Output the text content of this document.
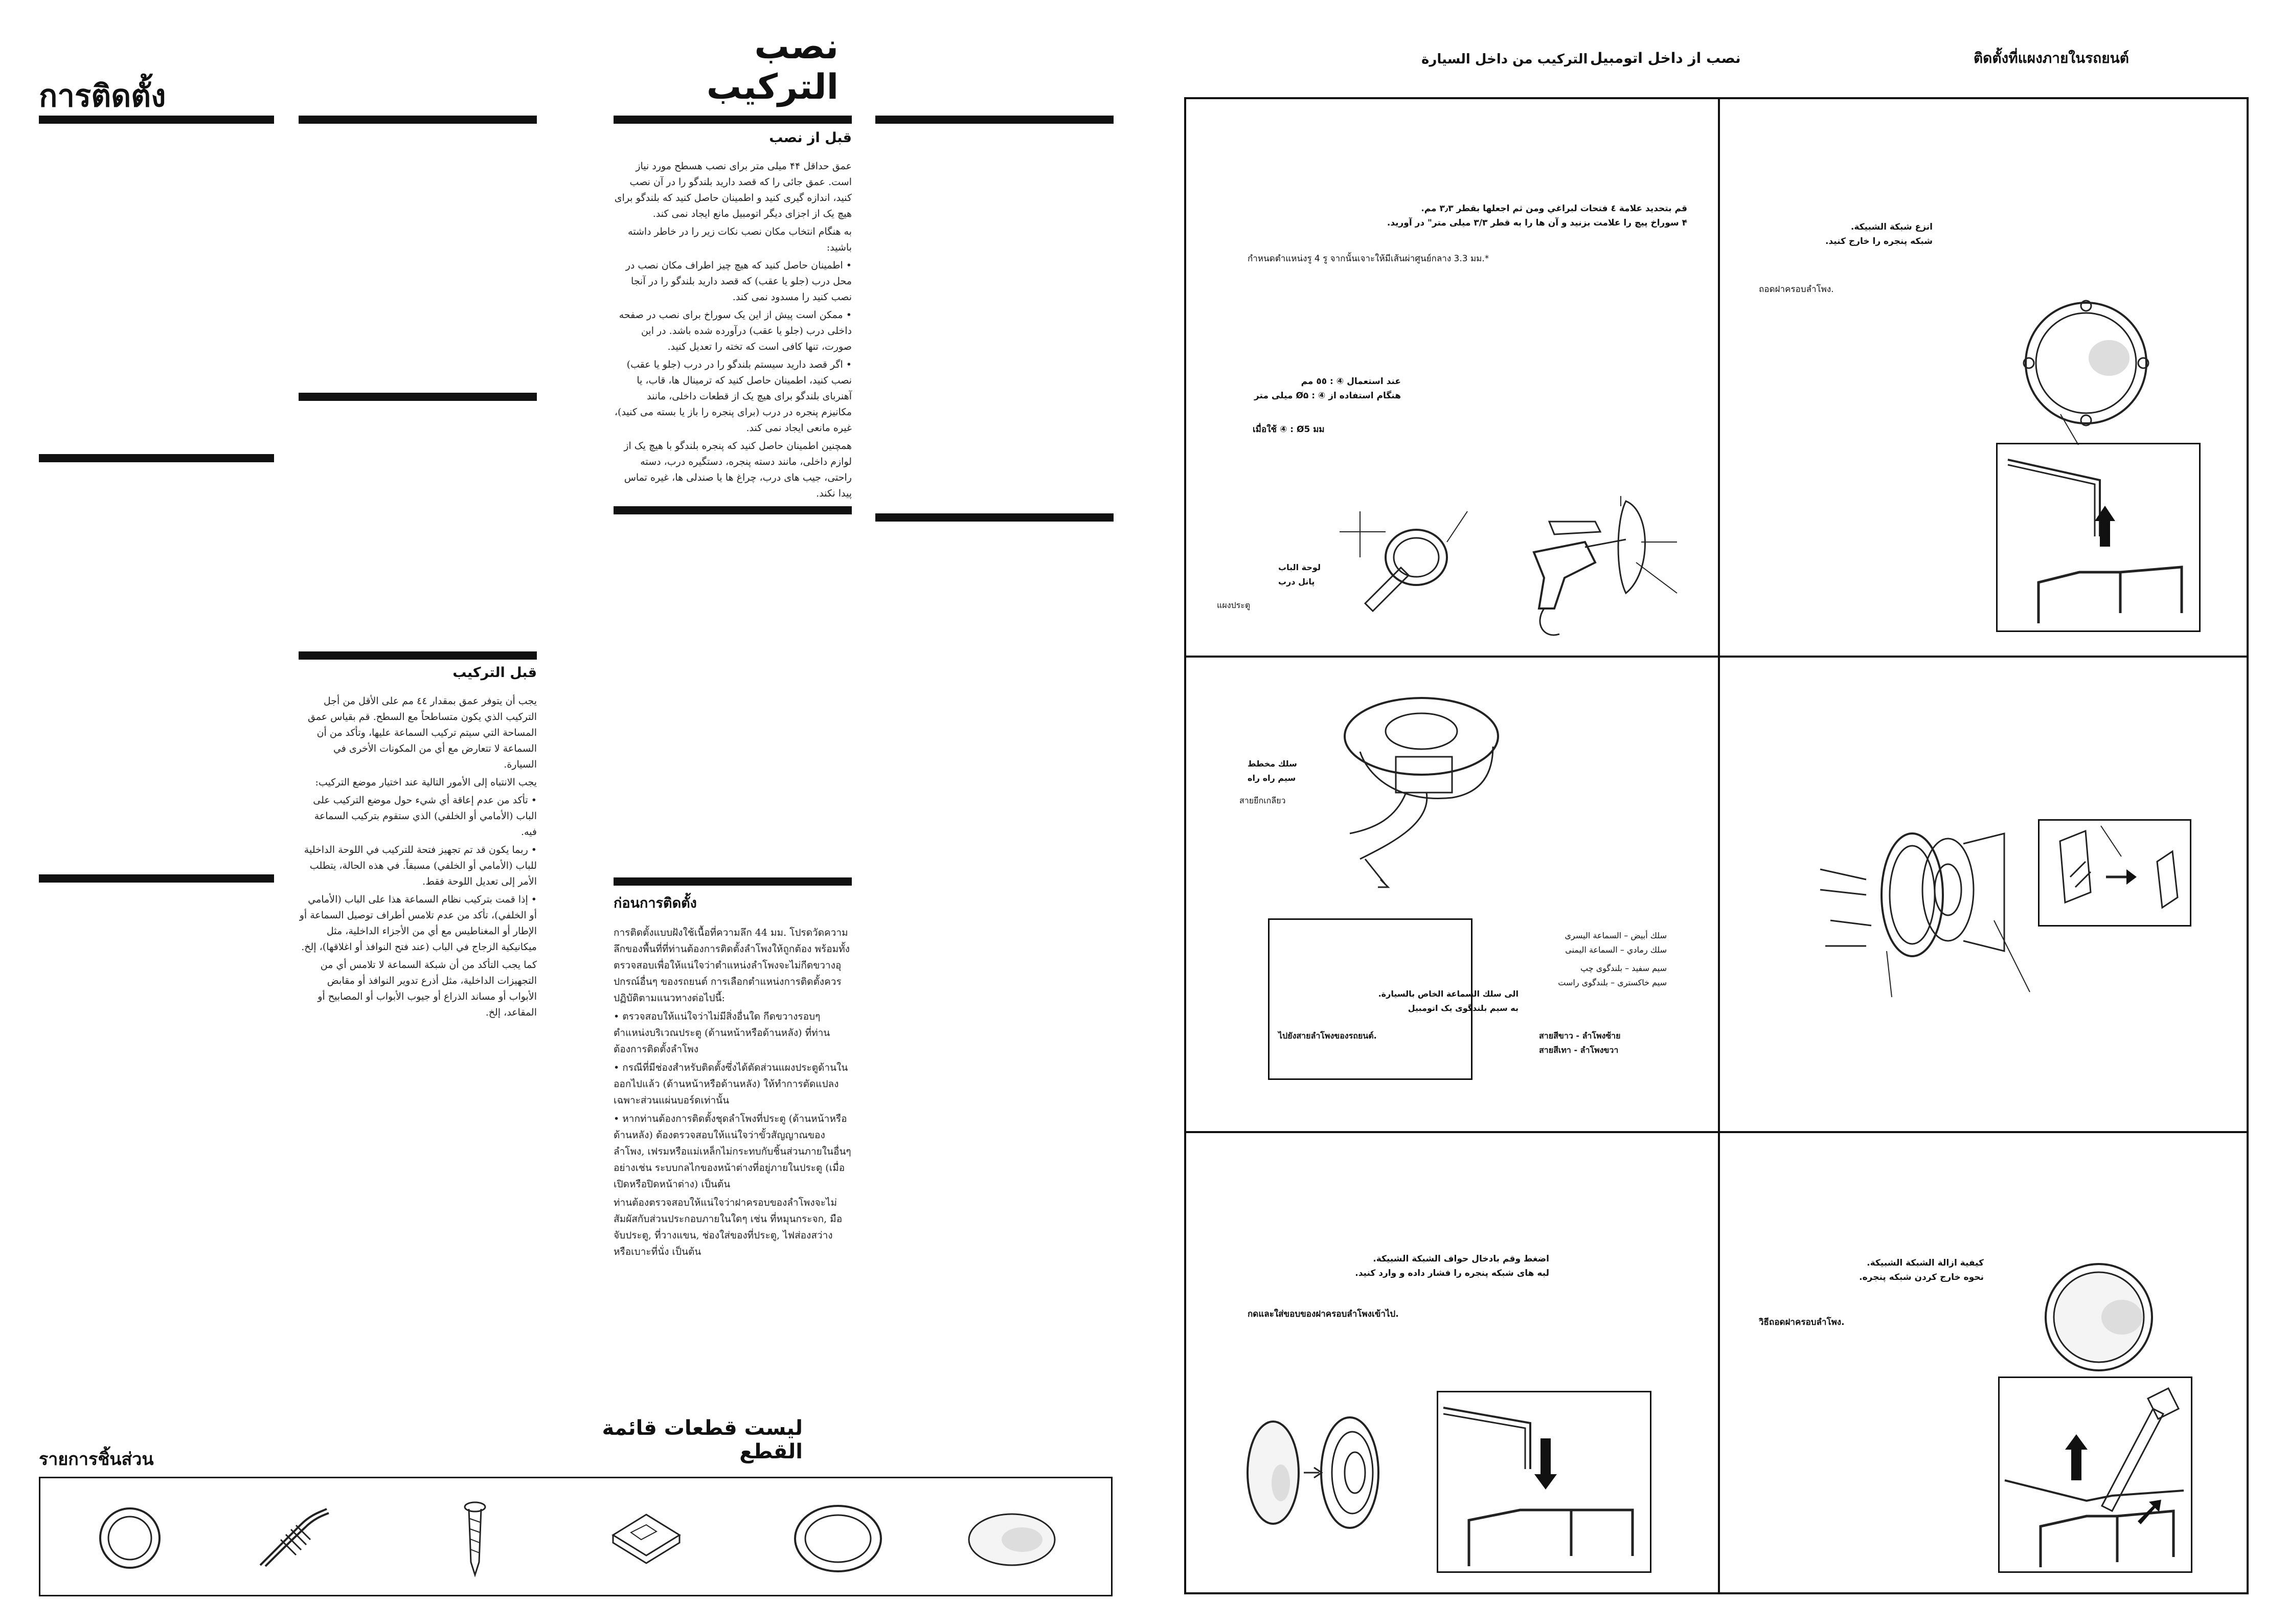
การติดตั้ง
نصب التركيب
قبل از نصب

عمق حداقل ۴۴ میلی متر برای نصب هسطح مورد نیاز است. عمق جائی را که قصد دارید بلندگو را در آن نصب کنید، اندازه گیری کنید و اطمینان حاصل کنید که بلندگو برای هیچ یک از اجزای دیگر اتومبیل مانع ایجاد نمی کند.

به هنگام انتخاب مکان نصب نکات زیر را در خاطر داشته باشید:

• اطمینان حاصل کنید که هیچ چیز اطراف مکان نصب در محل درب (جلو یا عقب) که قصد دارید بلندگو را در آنجا نصب کنید را مسدود نمی کند.

• ممکن است پیش از این یک سوراخ برای نصب در صفحه داخلی درب (جلو یا عقب) درآورده شده باشد. در این صورت، تنها کافی است که تخته را تعدیل کنید.

• اگر قصد دارید سیستم بلندگو را در درب (جلو یا عقب) نصب کنید، اطمینان حاصل کنید که ترمینال ها، قاب، یا آهنربای بلندگو برای هیچ یک از قطعات داخلی، مانند مکانیزم پنجره در درب (برای پنجره را باز یا بسته می کنید)، غیره مانعی ایجاد نمی کند.

همچنین اطمینان حاصل کنید که پنجره بلندگو با هیچ یک از لوازم داخلی، مانند دسته پنجره، دستگیره درب، دسته راحتی، جیب های درب، چراغ ها یا صندلی ها، غیره تماس پیدا نکند.

قبل التركيب

يجب أن يتوفر عمق بمقدار ٤٤ مم على الأقل من أجل التركيب الذي يكون متساطحاً مع السطح. قم بقياس عمق المساحة التي سيتم تركيب السماعة عليها، وتأكد من أن السماعة لا تتعارض مع أي من المكونات الأخرى في السيارة.

يجب الانتباه إلى الأمور التالية عند اختيار موضع التركيب:

• تأكد من عدم إعاقة أي شيء حول موضع التركيب على الباب (الأمامي أو الخلفي) الذي ستقوم بتركيب السماعة فيه.

• ربما يكون قد تم تجهيز فتحة للتركيب في اللوحة الداخلية للباب (الأمامي أو الخلفي) مسبقاً. في هذه الحالة، يتطلب الأمر إلى تعديل اللوحة فقط.

• إذا قمت بتركيب نظام السماعة هذا على الباب (الأمامي أو الخلفي)، تأكد من عدم تلامس أطراف توصيل السماعة أو الإطار أو المغناطيس مع أي من الأجزاء الداخلية، مثل ميكانيكية الزجاج في الباب (عند فتح النوافذ أو اغلاقها)، إلخ.

كما يجب التأكد من أن شبكة السماعة لا تلامس أي من التجهيزات الداخلية، مثل أذرع تدوير النوافذ أو مقابض الأبواب أو مساند الذراع أو جيوب الأبواب أو المصابيح أو المقاعد، إلخ.

ก่อนการติดตั้ง

การติดตั้งแบบฝังใช้เนื้อที่ความลึก 44 มม. โปรดวัดความลึกของพื้นที่ที่ท่านต้องการติดตั้งลำโพงให้ถูกต้อง พร้อมทั้งตรวจสอบเพื่อให้แน่ใจว่าตำแหน่งลำโพงจะไม่กีดขวางอุปกรณ์อื่นๆ ของรถยนต์ การเลือกตำแหน่งการติดตั้งควรปฏิบัติตามแนวทางต่อไปนี้:

• ตรวจสอบให้แน่ใจว่าไม่มีสิ่งอื่นใด กีดขวางรอบๆ ตำแหน่งบริเวณประตู (ด้านหน้าหรือด้านหลัง) ที่ท่านต้องการติดตั้งลำโพง

• กรณีที่มีช่องสำหรับติดตั้งซึ่งได้ตัดส่วนแผงประตูด้านในออกไปแล้ว (ด้านหน้าหรือด้านหลัง) ให้ทำการตัดแปลงเฉพาะส่วนแผ่นบอร์ดเท่านั้น

• หากท่านต้องการติดตั้งชุดลำโพงที่ประตู (ด้านหน้าหรือด้านหลัง) ต้องตรวจสอบให้แน่ใจว่าขั้วสัญญาณของลำโพง, เฟรมหรือแม่เหล็กไม่กระทบกับชิ้นส่วนภายในอื่นๆ อย่างเช่น ระบบกลไกของหน้าต่างที่อยู่ภายในประตู (เมื่อเปิดหรือปิดหน้าต่าง) เป็นต้น

ท่านต้องตรวจสอบให้แน่ใจว่าฝาครอบของลำโพงจะไม่สัมผัสกับส่วนประกอบภายในใดๆ เช่น ที่หมุนกระจก, มือจับประตู, ที่วางแขน, ช่องใส่ของที่ประตู, ไฟส่องสว่าง หรือเบาะที่นั่ง เป็นต้น

รายการชิ้นส่วน
ليست قطعات قائمة القطع
التركيب من داخل السيارة نصب از داخل اتومبیل	ติดตั้งที่แผงภายในรถยนต์
انزع شبكة الشبيكة.
شبكه پنجره را خارج كنيد.
ถอดฝาครอบลำโพง.
قم بتحديد علامة ٤ فتحات لبراغي ومن ثم اجعلها بقطر ٣٫٣ مم.
۴ سوراخ پیچ را علامت بزنید و آن ها را به قطر ۳/۳ میلی متر" در آورید.
กำหนดตำแหน่งรู 4 รู จากนั้นเจาะให้มีเส้นผ่าศูนย์กลาง 3.3 มม.*
عند استعمال ④ : ٥٥ مم
هنگام استفاده از ④ : Ø۵ میلی متر
เมื่อใช้ ④ : Ø5 มม
لوحة الباب
پانل درب
แผงประตู
سلك مخطط
سيم راه راه
สายยีกเกลียว
الى سلك السماعة الخاص بالسيارة.
به سیم بلندگوی یک اتومبیل
ไปยังสายลำโพงของรถยนต์.
سلك أبيض – السماعة اليسرى
سلك رمادي – السماعة اليمنى
سیم سفید – بلندگوی چپ
سیم خاکستری – بلندگوی راست
สายสีขาว - ลำโพงซ้าย
สายสีเทา - ลำโพงขวา
اضغط وقم بادخال حواف الشبكة الشبيكة.
لبه های شبکه پنجره را فشار داده و وارد کنيد.
กดและใส่ขอบของฝาครอบลำโพงเข้าไป.
كيفية ازالة الشبكة الشبيكة.
نحوه خارج کردن شبکه پنجره.
วิธีถอดฝาครอบลำโพง.
